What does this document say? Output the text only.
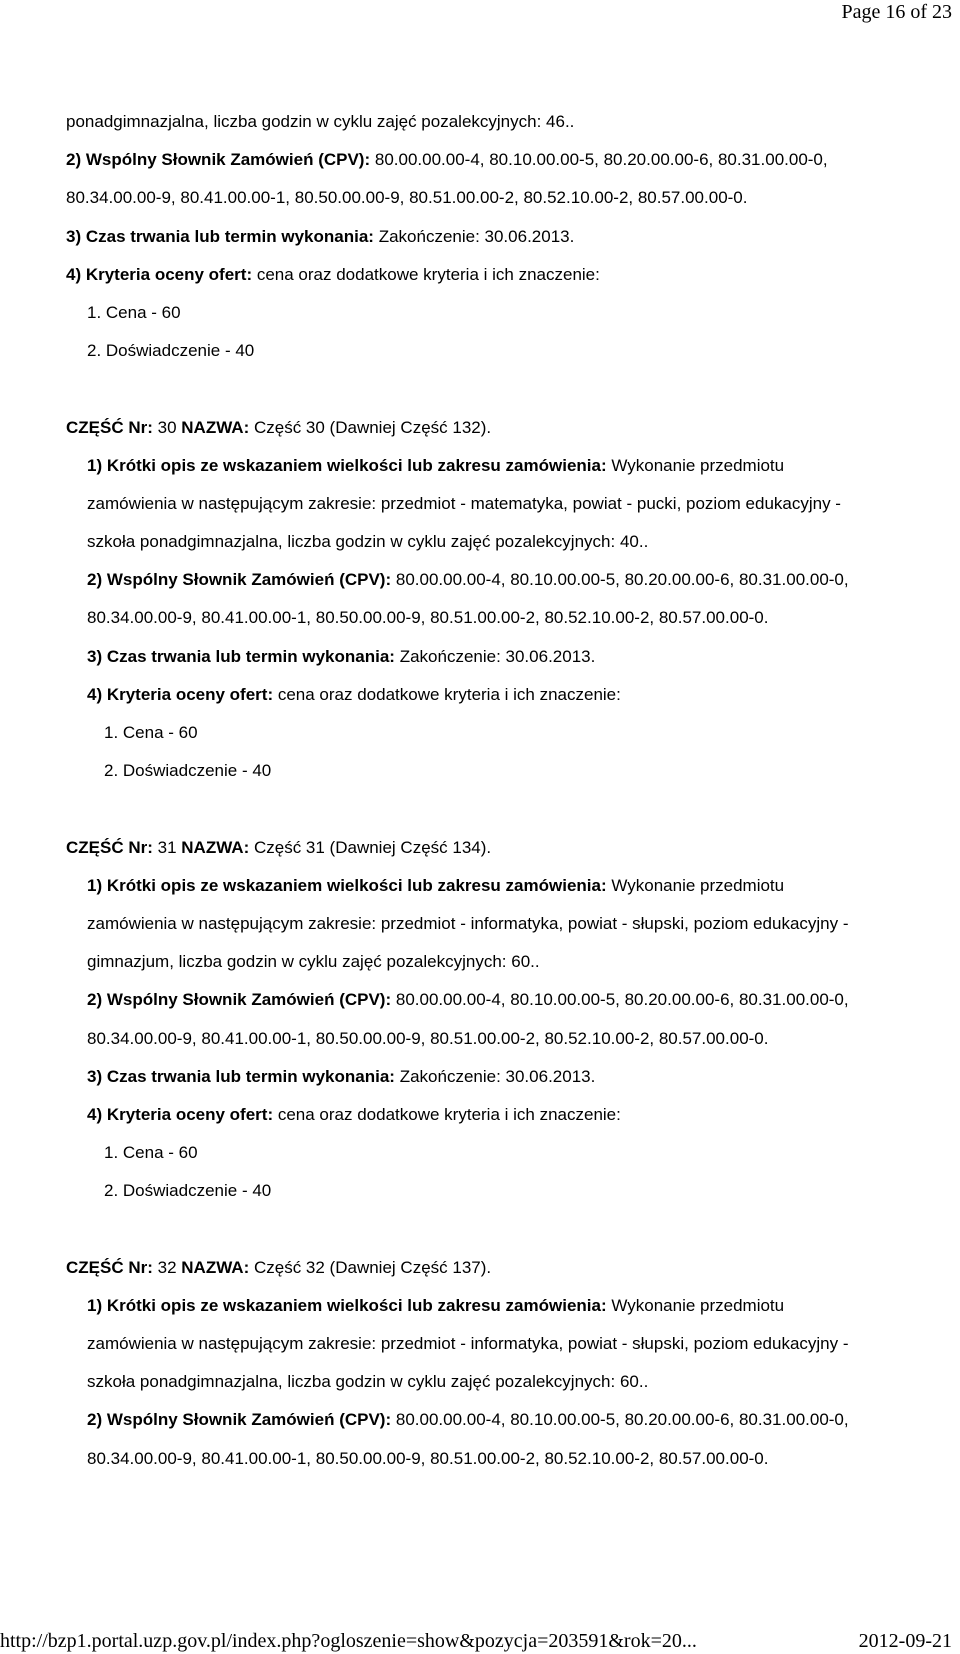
Page 16 of 23
ponadgimnazjalna, liczba godzin w cyklu zajęć pozalekcyjnych: 46..
2) Wspólny Słownik Zamówień (CPV): 80.00.00.00-4, 80.10.00.00-5, 80.20.00.00-6, 80.31.00.00-0,
80.34.00.00-9, 80.41.00.00-1, 80.50.00.00-9, 80.51.00.00-2, 80.52.10.00-2, 80.57.00.00-0.
3) Czas trwania lub termin wykonania: Zakończenie: 30.06.2013.
4) Kryteria oceny ofert: cena oraz dodatkowe kryteria i ich znaczenie:
1. Cena - 60
2. Doświadczenie - 40
CZĘŚĆ Nr: 30 NAZWA: Część 30 (Dawniej Część 132).
1) Krótki opis ze wskazaniem wielkości lub zakresu zamówienia: Wykonanie przedmiotu
zamówienia w następującym zakresie: przedmiot - matematyka, powiat - pucki, poziom edukacyjny -
szkoła ponadgimnazjalna, liczba godzin w cyklu zajęć pozalekcyjnych: 40..
2) Wspólny Słownik Zamówień (CPV): 80.00.00.00-4, 80.10.00.00-5, 80.20.00.00-6, 80.31.00.00-0,
80.34.00.00-9, 80.41.00.00-1, 80.50.00.00-9, 80.51.00.00-2, 80.52.10.00-2, 80.57.00.00-0.
3) Czas trwania lub termin wykonania: Zakończenie: 30.06.2013.
4) Kryteria oceny ofert: cena oraz dodatkowe kryteria i ich znaczenie:
1. Cena - 60
2. Doświadczenie - 40
CZĘŚĆ Nr: 31 NAZWA: Część 31 (Dawniej Część 134).
1) Krótki opis ze wskazaniem wielkości lub zakresu zamówienia: Wykonanie przedmiotu
zamówienia w następującym zakresie: przedmiot - informatyka, powiat - słupski, poziom edukacyjny -
gimnazjum, liczba godzin w cyklu zajęć pozalekcyjnych: 60..
2) Wspólny Słownik Zamówień (CPV): 80.00.00.00-4, 80.10.00.00-5, 80.20.00.00-6, 80.31.00.00-0,
80.34.00.00-9, 80.41.00.00-1, 80.50.00.00-9, 80.51.00.00-2, 80.52.10.00-2, 80.57.00.00-0.
3) Czas trwania lub termin wykonania: Zakończenie: 30.06.2013.
4) Kryteria oceny ofert: cena oraz dodatkowe kryteria i ich znaczenie:
1. Cena - 60
2. Doświadczenie - 40
CZĘŚĆ Nr: 32 NAZWA: Część 32 (Dawniej Część 137).
1) Krótki opis ze wskazaniem wielkości lub zakresu zamówienia: Wykonanie przedmiotu
zamówienia w następującym zakresie: przedmiot - informatyka, powiat - słupski, poziom edukacyjny -
szkoła ponadgimnazjalna, liczba godzin w cyklu zajęć pozalekcyjnych: 60..
2) Wspólny Słownik Zamówień (CPV): 80.00.00.00-4, 80.10.00.00-5, 80.20.00.00-6, 80.31.00.00-0,
80.34.00.00-9, 80.41.00.00-1, 80.50.00.00-9, 80.51.00.00-2, 80.52.10.00-2, 80.57.00.00-0.
http://bzp1.portal.uzp.gov.pl/index.php?ogloszenie=show&pozycja=203591&rok=20...	2012-09-21
